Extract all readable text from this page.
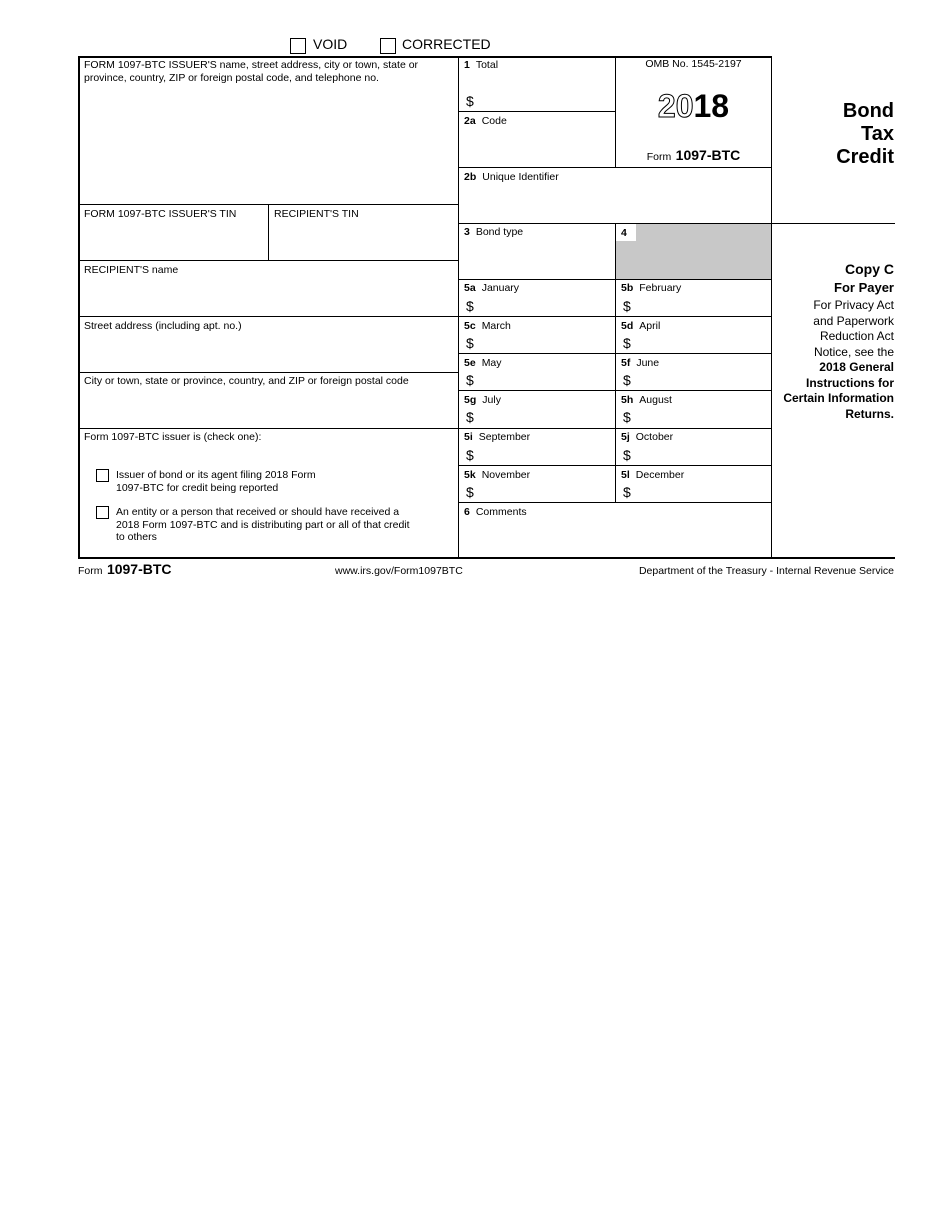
VOID	CORRECTED
4
FORM 1097-BTC ISSUER'S name, street address, city or town, state or province, country, ZIP or foreign postal code, and telephone no.
FORM 1097-BTC ISSUER'S TIN	RECIPIENT'S TIN
RECIPIENT'S name
Street address (including apt. no.)
City or town, state or province, country, and ZIP or foreign postal code
Form 1097-BTC issuer is (check one):
Issuer of bond or its agent filing 2018 Form 1097-BTC for credit being reported
An entity or a person that received or should have received a 2018 Form 1097-BTC and is distributing part or all of that credit to others
1 Total
$
2a Code
2b Unique Identifier
3 Bond type
5a January
$
5b February
$
5c March
$
5d April
$
5e May
$
5f June
$
5g July
$
5h August
$
5i September
$
5j October
$
5k November
$
5l December
$
6 Comments
OMB No. 1545-2197
2018
Form 1097-BTC
Bond
Tax
Credit
Copy C
For Payer
For Privacy Act
and Paperwork
Reduction Act
Notice, see the
2018 General
Instructions for
Certain Information
Returns.
Form 1097-BTC	www.irs.gov/Form1097BTC	Department of the Treasury - Internal Revenue Service
